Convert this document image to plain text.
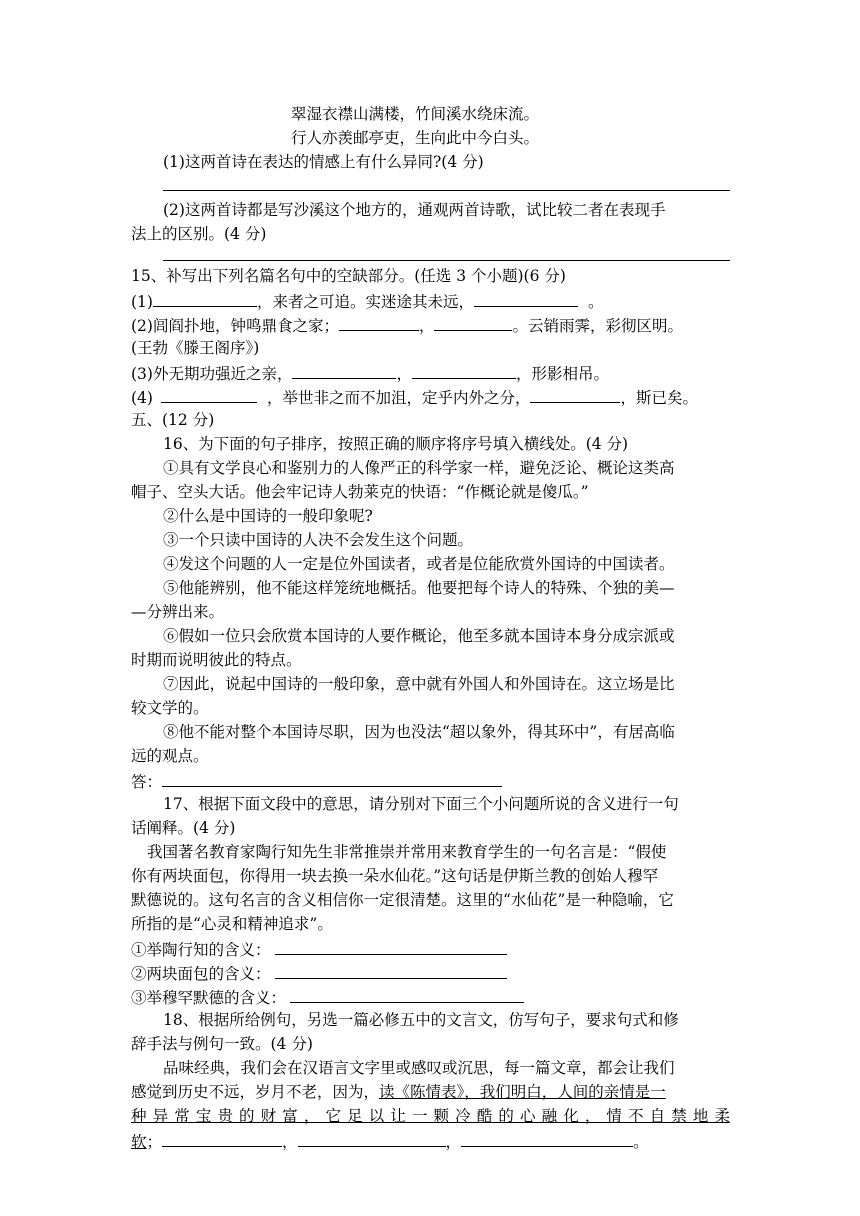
翠湿衣襟山满楼，竹间溪水绕床流。
行人亦羡邮亭吏，生向此中今白头。
(1)这两首诗在表达的情感上有什么异同?(4 分)
(2)这两首诗都是写沙溪这个地方的，通观两首诗歌，试比较二者在表现手
法上的区别。(4 分)
15、补写出下列名篇名句中的空缺部分。(任选 3 个小题)(6 分)
(1)	，来者之可追。实迷途其未远，	。
(2)闾阎扑地，钟鸣鼎食之家；	，	。云销雨霁，彩彻区明。
(王勃《滕王阁序》)
(3)外无期功强近之亲，	，	，形影相吊。
(4)	，举世非之而不加沮，定乎内外之分，	，斯已矣。
五、(12 分)
16、为下面的句子排序，按照正确的顺序将序号填入横线处。(4 分)
①具有文学良心和鉴别力的人像严正的科学家一样，避免泛论、概论这类高
帽子、空头大话。他会牢记诗人勃莱克的快语：“作概论就是傻瓜。”
②什么是中国诗的一般印象呢?
③一个只读中国诗的人决不会发生这个问题。
④发这个问题的人一定是位外国读者，或者是位能欣赏外国诗的中国读者。
⑤他能辨别，他不能这样笼统地概括。他要把每个诗人的特殊、个独的美—
—分辨出来。
⑥假如一位只会欣赏本国诗的人要作概论，他至多就本国诗本身分成宗派或
时期而说明彼此的特点。
⑦因此，说起中国诗的一般印象，意中就有外国人和外国诗在。这立场是比
较文学的。
⑧他不能对整个本国诗尽职，因为也没法“超以象外，得其环中”，有居高临
远的观点。
答：
17、根据下面文段中的意思，请分别对下面三个小问题所说的含义进行一句
话阐释。(4 分)
我国著名教育家陶行知先生非常推崇并常用来教育学生的一句名言是：“假使
你有两块面包，你得用一块去换一朵水仙花。”这句话是伊斯兰教的创始人穆罕
默德说的。这句名言的含义相信你一定很清楚。这里的“水仙花”是一种隐喻，它
所指的是“心灵和精神追求”。
①举陶行知的含义：
②两块面包的含义：
③举穆罕默德的含义：
18、根据所给例句，另选一篇必修五中的文言文，仿写句子，要求句式和修
辞手法与例句一致。(4 分)
品味经典，我们会在汉语言文字里或感叹或沉思，每一篇文章，都会让我们
感觉到历史不远，岁月不老，因为，读《陈情表》，我们明白，人间的亲情是一
种异常宝贵的财富，它足以让一颗冷酷的心融化，情不自禁地柔
软；	，	，	。
